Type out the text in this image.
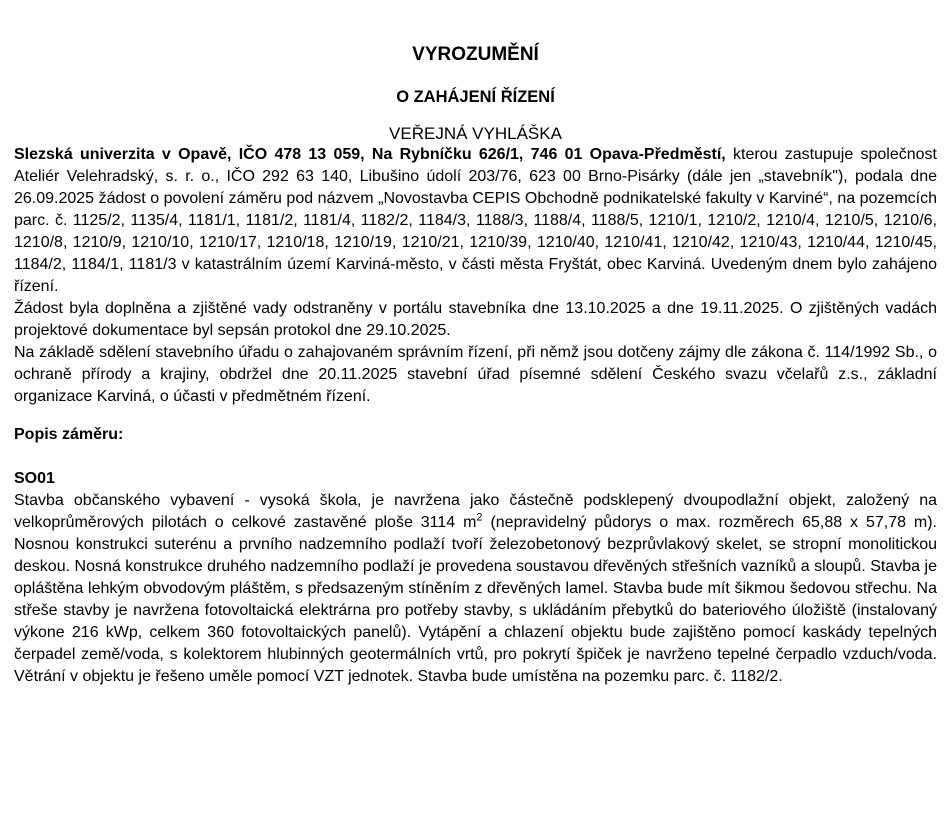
VYROZUMĚNÍ
O ZAHÁJENÍ ŘÍZENÍ
VEŘEJNÁ VYHLÁŠKA

Slezská univerzita v Opavě, IČO 478 13 059, Na Rybníčku 626/1, 746 01 Opava-Předměstí, kterou zastupuje společnost Ateliér Velehradský, s. r. o., IČO 292 63 140, Libušino údolí 203/76, 623 00 Brno-Pisárky (dále jen „stavebník"), podala dne 26.09.2025 žádost o povolení záměru pod názvem „Novostavba CEPIS Obchodně podnikatelské fakulty v Karviné“, na pozemcích parc. č. 1125/2, 1135/4, 1181/1, 1181/2, 1181/4, 1182/2, 1184/3, 1188/3, 1188/4, 1188/5, 1210/1, 1210/2, 1210/4, 1210/5, 1210/6, 1210/8, 1210/9, 1210/10, 1210/17, 1210/18, 1210/19, 1210/21, 1210/39, 1210/40, 1210/41, 1210/42, 1210/43, 1210/44, 1210/45, 1184/2, 1184/1, 1181/3 v katastrálním území Karviná-město, v části města Fryštát, obec Karviná. Uvedeným dnem bylo zahájeno řízení.

Žádost byla doplněna a zjištěné vady odstraněny v portálu stavebníka dne 13.10.2025 a dne 19.11.2025. O zjištěných vadách projektové dokumentace byl sepsán protokol dne 29.10.2025.

Na základě sdělení stavebního úřadu o zahajovaném správním řízení, při němž jsou dotčeny zájmy dle zákona č. 114/1992 Sb., o ochraně přírody a krajiny, obdržel dne 20.11.2025 stavební úřad písemné sdělení Českého svazu včelařů z.s., základní organizace Karviná, o účasti v předmětném řízení.

Popis záměru:

SO01

Stavba občanského vybavení - vysoká škola, je navržena jako částečně podsklepený dvoupodlažní objekt, založený na velkoprůměrových pilotách o celkové zastavěné ploše 3114 $m^2$ (nepravidelný půdorys o max. rozměrech 65,88 x 57,78 m). Nosnou konstrukci suterénu a prvního nadzemního podlaží tvoří železobetonový bezprůvlakový skelet, se stropní monolitickou deskou. Nosná konstrukce druhého nadzemního podlaží je provedena soustavou dřevěných střešních vazníků a sloupů. Stavba je opláštěna lehkým obvodovým pláštěm, s předsazeným stíněním z dřevěných lamel. Stavba bude mít šikmou šedovou střechu. Na střeše stavby je navržena fotovoltaická elektrárna pro potřeby stavby, s ukládáním přebytků do bateriového úložiště (instalovaný výkone 216 kWp, celkem 360 fotovoltaických panelů). Vytápění a chlazení objektu bude zajištěno pomocí kaskády tepelných čerpadel země/voda, s kolektorem hlubinných geotermálních vrtů, pro pokrytí špiček je navrženo tepelné čerpadlo vzduch/voda. Větrání v objektu je řešeno uměle pomocí VZT jednotek. Stavba bude umístěna na pozemku parc. č. 1182/2.
